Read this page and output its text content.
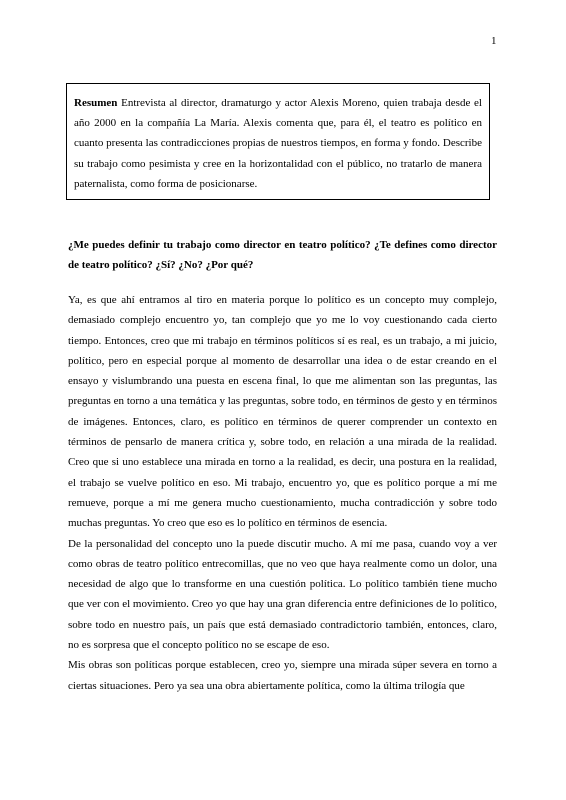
1
Resumen Entrevista al director, dramaturgo y actor Alexis Moreno, quien trabaja desde el año 2000 en la compañía La María. Alexis comenta que, para él, el teatro es político en cuanto presenta las contradicciones propias de nuestros tiempos, en forma y fondo. Describe su trabajo como pesimista y cree en la horizontalidad con el público, no tratarlo de manera paternalista, como forma de posicionarse.
¿Me puedes definir tu trabajo como director en teatro político? ¿Te defines como director de teatro político? ¿Sí? ¿No? ¿Por qué?

Ya, es que ahí entramos al tiro en materia porque lo político es un concepto muy complejo, demasiado complejo encuentro yo, tan complejo que yo me lo voy cuestionando cada cierto tiempo. Entonces, creo que mi trabajo en términos políticos sí es real, es un trabajo, a mi juicio, político, pero en especial porque al momento de desarrollar una idea o de estar creando en el ensayo y vislumbrando una puesta en escena final, lo que me alimentan son las preguntas, las preguntas en torno a una temática y las preguntas, sobre todo, en términos de gesto y en términos de imágenes. Entonces, claro, es político en términos de querer comprender un contexto en términos de pensarlo de manera crítica y, sobre todo, en relación a una mirada de la realidad. Creo que si uno establece una mirada en torno a la realidad, es decir, una postura en la realidad, el trabajo se vuelve político en eso. Mi trabajo, encuentro yo, que es político porque a mí me remueve, porque a mí me genera mucho cuestionamiento, mucha contradicción y sobre todo muchas preguntas. Yo creo que eso es lo político en términos de esencia.

De la personalidad del concepto uno la puede discutir mucho. A mí me pasa, cuando voy a ver como obras de teatro político entrecomillas, que no veo que haya realmente como un dolor, una necesidad de algo que lo transforme en una cuestión política. Lo político también tiene mucho que ver con el movimiento. Creo yo que hay una gran diferencia entre definiciones de lo político, sobre todo en nuestro país, un país que está demasiado contradictorio también, entonces, claro, no es sorpresa que el concepto político no se escape de eso.

Mis obras son políticas porque establecen, creo yo, siempre una mirada súper severa en torno a ciertas situaciones. Pero ya sea una obra abiertamente política, como la última trilogía que
